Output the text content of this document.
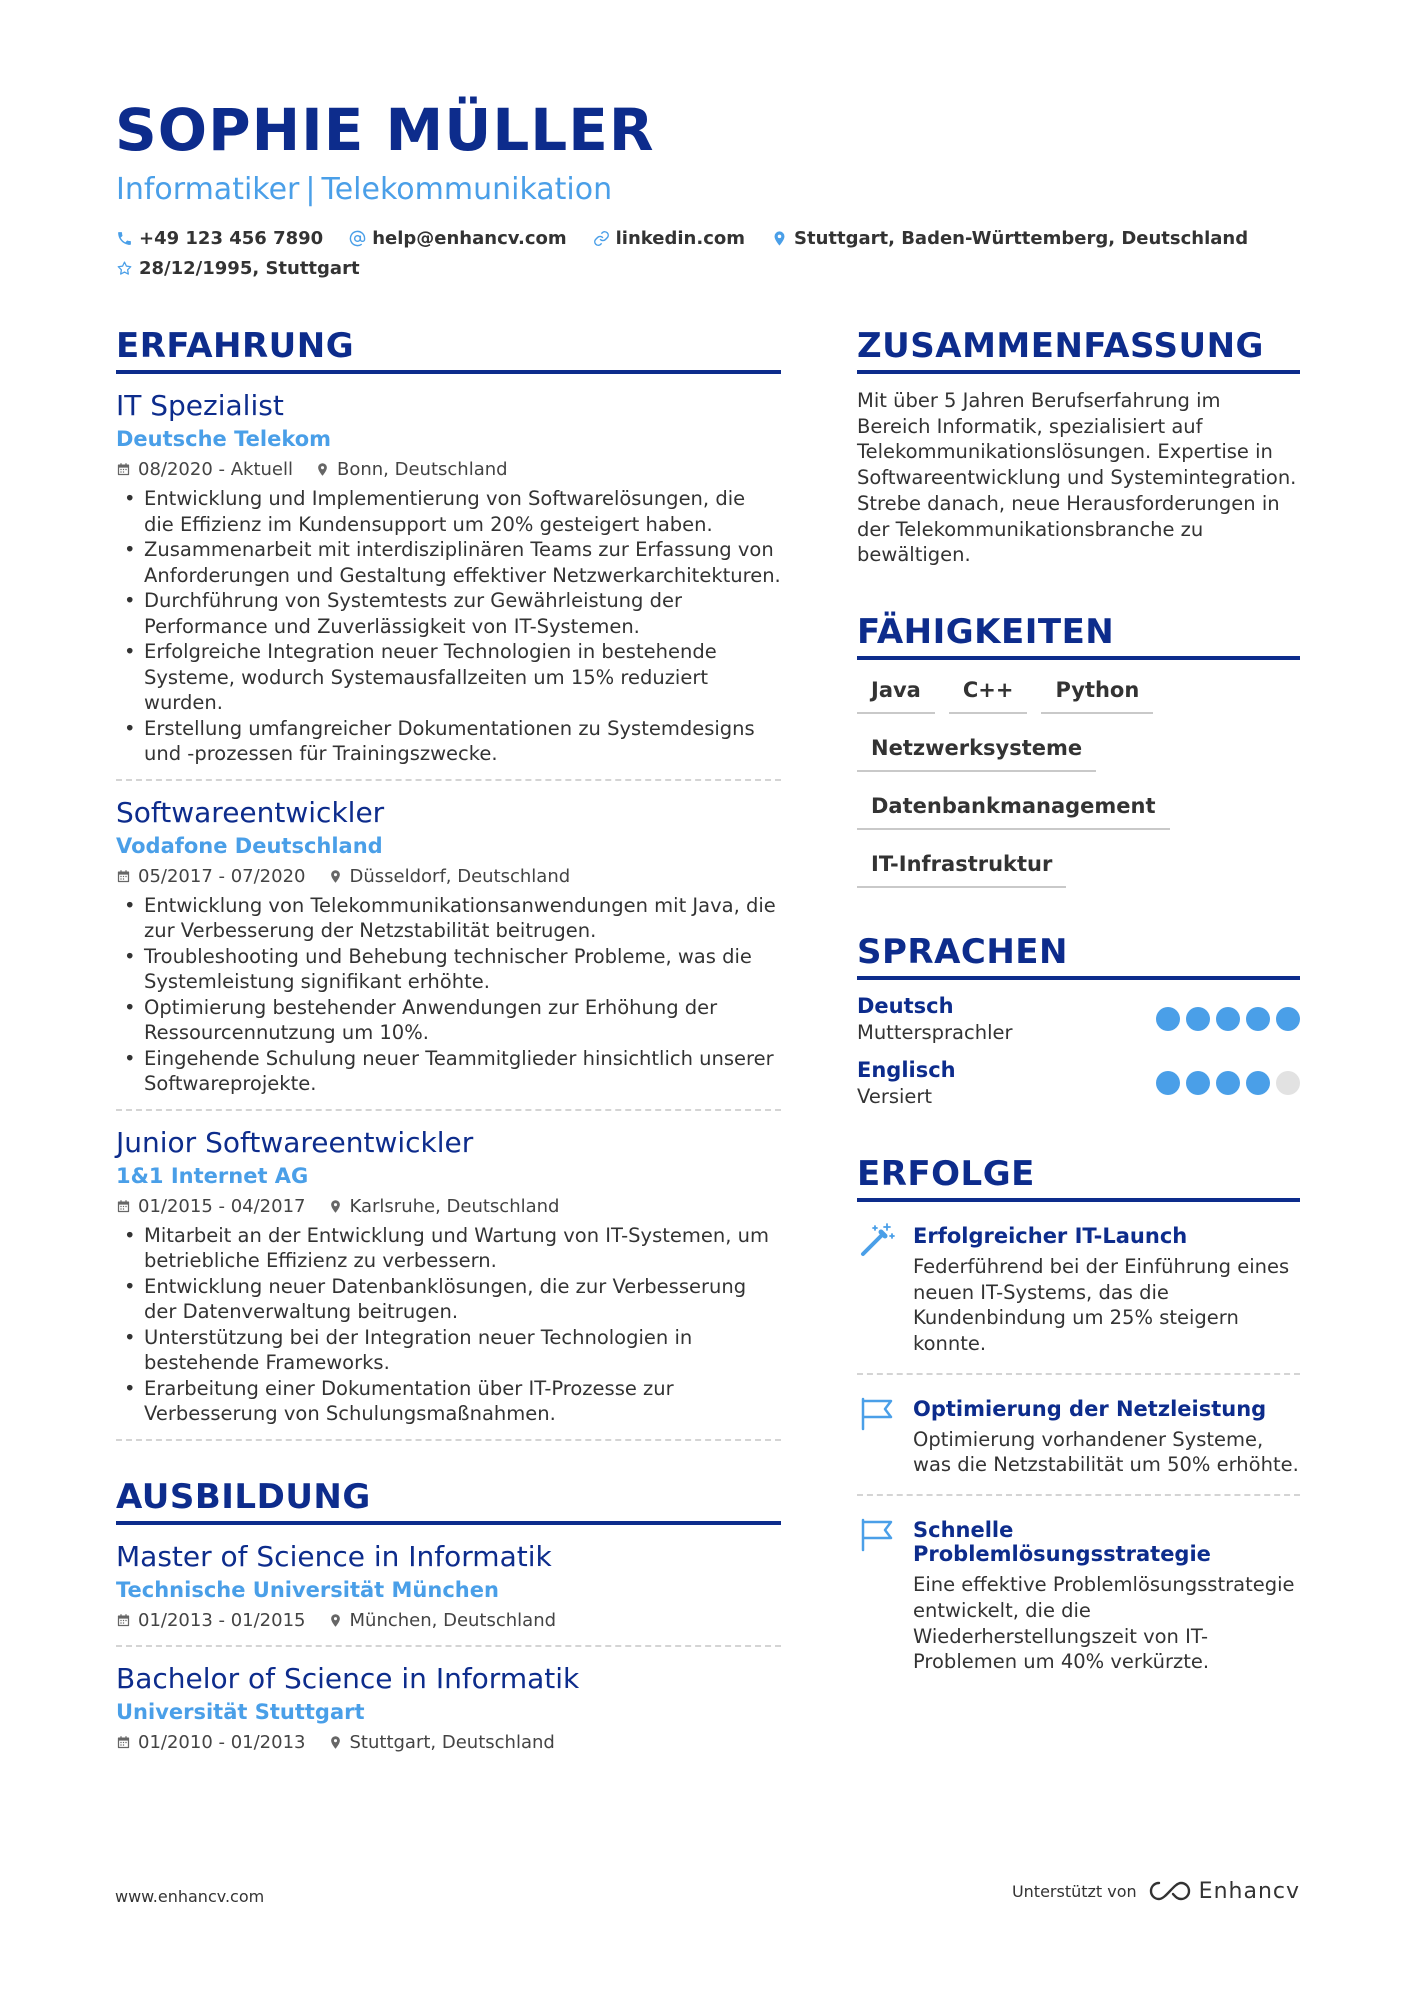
SOPHIE MÜLLER
Informatiker | Telekommunikation
+49 123 456 7890	help@enhancv.com	linkedin.com	Stuttgart, Baden-Württemberg, Deutschland
28/12/1995, Stuttgart
ERFAHRUNG
IT Spezialist
Deutsche Telekom
08/2020 - Aktuell Bonn, Deutschland
• Entwicklung und Implementierung von Softwarelösungen, die die Effizienz im Kundensupport um 20% gesteigert haben.
• Zusammenarbeit mit interdisziplinären Teams zur Erfassung von Anforderungen und Gestaltung effektiver Netzwerkarchitekturen.
• Durchführung von Systemtests zur Gewährleistung der Performance und Zuverlässigkeit von IT-Systemen.
• Erfolgreiche Integration neuer Technologien in bestehende Systeme, wodurch Systemausfallzeiten um 15% reduziert wurden.
• Erstellung umfangreicher Dokumentationen zu Systemdesigns und -prozessen für Trainingszwecke.
Softwareentwickler
Vodafone Deutschland
05/2017 - 07/2020 Düsseldorf, Deutschland
• Entwicklung von Telekommunikationsanwendungen mit Java, die zur Verbesserung der Netzstabilität beitrugen.
• Troubleshooting und Behebung technischer Probleme, was die Systemleistung signifikant erhöhte.
• Optimierung bestehender Anwendungen zur Erhöhung der Ressourcennutzung um 10%.
• Eingehende Schulung neuer Teammitglieder hinsichtlich unserer Softwareprojekte.
Junior Softwareentwickler
1&1 Internet AG
01/2015 - 04/2017 Karlsruhe, Deutschland
• Mitarbeit an der Entwicklung und Wartung von IT-Systemen, um betriebliche Effizienz zu verbessern.
• Entwicklung neuer Datenbanklösungen, die zur Verbesserung der Datenverwaltung beitrugen.
• Unterstützung bei der Integration neuer Technologien in bestehende Frameworks.
• Erarbeitung einer Dokumentation über IT-Prozesse zur Verbesserung von Schulungsmaßnahmen.
AUSBILDUNG
Master of Science in Informatik
Technische Universität München
01/2013 - 01/2015 München, Deutschland
Bachelor of Science in Informatik
Universität Stuttgart
01/2010 - 01/2013 Stuttgart, Deutschland
ZUSAMMENFASSUNG
Mit über 5 Jahren Berufserfahrung im Bereich Informatik, spezialisiert auf Telekommunikationslösungen. Expertise in Softwareentwicklung und Systemintegration. Strebe danach, neue Herausforderungen in der Telekommunikationsbranche zu bewältigen.
FÄHIGKEITEN
Java	C++	Python
Netzwerksysteme
Datenbankmanagement
IT-Infrastruktur
SPRACHEN
Deutsch
Muttersprachler
Englisch
Versiert
ERFOLGE
Erfolgreicher IT-Launch
Federführend bei der Einführung eines neuen IT-Systems, das die Kundenbindung um 25% steigern konnte.
Optimierung der Netzleistung
Optimierung vorhandener Systeme, was die Netzstabilität um 50% erhöhte.
Schnelle Problemlösungsstrategie
Eine effektive Problemlösungsstrategie entwickelt, die die Wiederherstellungszeit von IT-Problemen um 40% verkürzte.
www.enhancv.com	Unterstützt von	Enhancv
